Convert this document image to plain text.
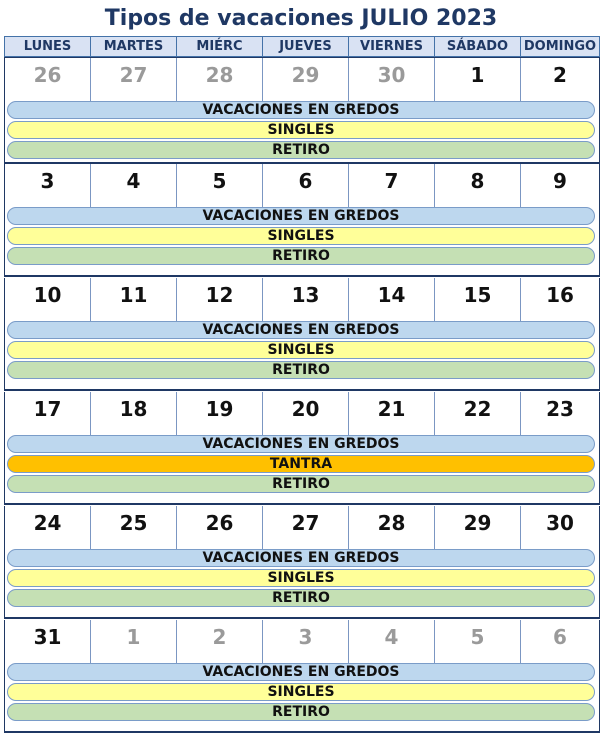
Tipos de vacaciones JULIO 2023
LUNES	MARTES	MIÉRC	JUEVES	VIERNES	SÁBADO	DOMINGO
26	27	28	29	30	1	2
VACACIONES EN GREDOS
SINGLES
RETIRO
3	4	5	6	7	8	9
VACACIONES EN GREDOS
SINGLES
RETIRO
10	11	12	13	14	15	16
VACACIONES EN GREDOS
SINGLES
RETIRO
17	18	19	20	21	22	23
VACACIONES EN GREDOS
TANTRA
RETIRO
24	25	26	27	28	29	30
VACACIONES EN GREDOS
SINGLES
RETIRO
31	1	2	3	4	5	6
VACACIONES EN GREDOS
SINGLES
RETIRO
